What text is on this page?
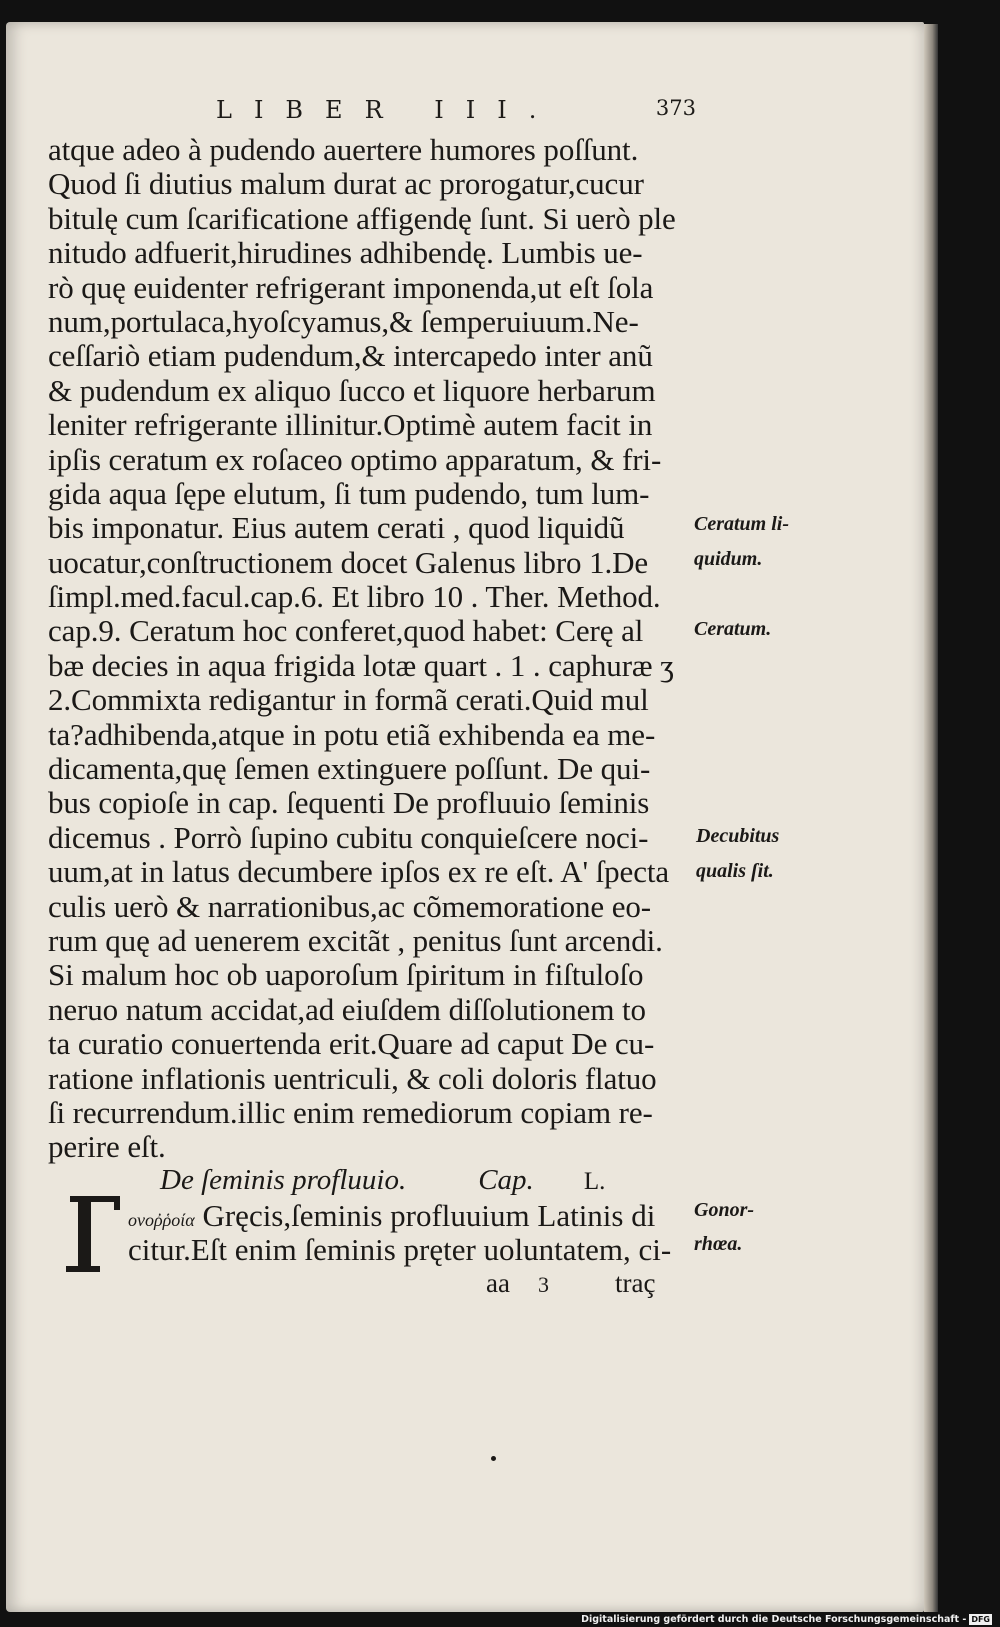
LIBER III.	373
atque adeo à pudendo auertere humores poſſunt.
Quod ſi diutius malum durat ac prorogatur,cucur
bitulę cum ſcarificatione affigendę ſunt. Si uerò ple
nitudo adfuerit,hirudines adhibendę. Lumbis ue-
rò quę euidenter refrigerant imponenda,ut eſt ſola
num,portulaca,hyoſcyamus,& ſemperuiuum.Ne-
ceſſariò etiam pudendum,& intercapedo inter anũ
& pudendum ex aliquo ſucco et liquore herbarum
leniter refrigerante illinitur.Optimè autem facit in
ipſis ceratum ex roſaceo optimo apparatum, & fri-
gida aqua ſępe elutum, ſi tum pudendo, tum lum-
bis imponatur. Eius autem cerati , quod liquidũ
uocatur,conſtructionem docet Galenus libro 1.De
ſimpl.med.facul.cap.6. Et libro 10 . Ther. Method.
cap.9. Ceratum hoc conferet,quod habet: Cerę al
bæ decies in aqua frigida lotæ quart . 1 . caphuræ ʒ
2.Commixta redigantur in formã cerati.Quid mul
ta?adhibenda,atque in potu etiã exhibenda ea me-
dicamenta,quę ſemen extinguere poſſunt. De qui-
bus copioſe in cap. ſequenti De profluuio ſeminis
dicemus . Porrò ſupino cubitu conquieſcere noci-
uum,at in latus decumbere ipſos ex re eſt. A' ſpecta
culis uerò & narrationibus,ac cõmemoratione eo-
rum quę ad uenerem excitãt , penitus ſunt arcendi.
Si malum hoc ob uaporoſum ſpiritum in fiſtuloſo
neruo natum accidat,ad eiuſdem diſſolutionem to
ta curatio conuertenda erit.Quare ad caput De cu-
ratione inflationis uentriculi, & coli doloris flatuo
ſi recurrendum.illic enim remediorum copiam re-
perire eſt.
Ceratum li-
quidum.
Ceratum.
Decubitus
qualis ſit.
De ſeminis profluuio. Cap. L.
ονοῤῥοία Gręcis,ſeminis profluuium Latinis di
citur.Eſt enim ſeminis pręter uoluntatem, ci-
Gonor-
rhœa.
aa 3 traç
Digitalisierung gefördert durch die Deutsche Forschungsgemeinschaft - DFG
